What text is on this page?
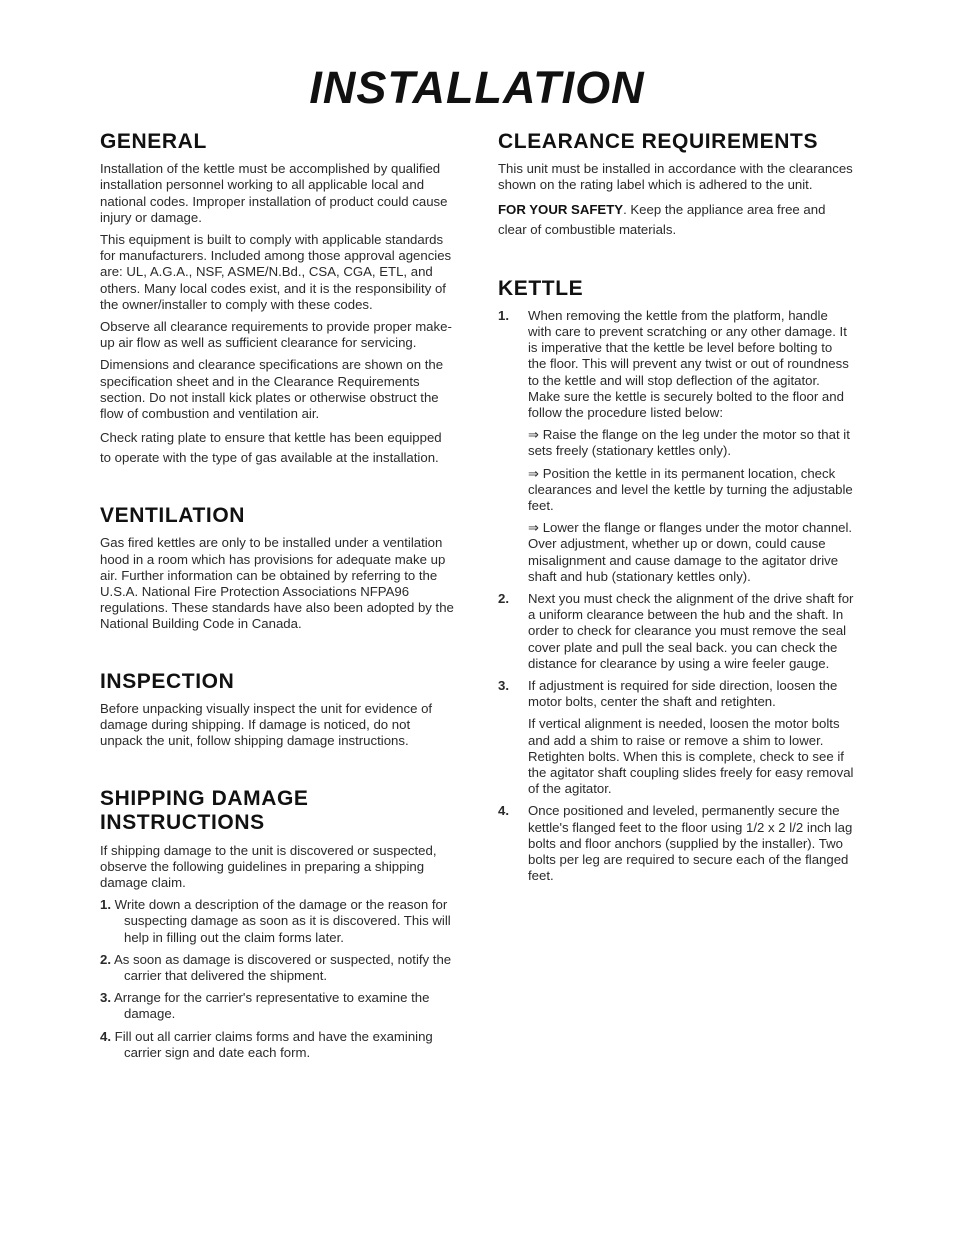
INSTALLATION
GENERAL

Installation of the kettle must be accomplished by qualified installation personnel working to all applicable local and national codes. Improper installation of product could cause injury or damage.

This equipment is built to comply with applicable standards for manufacturers. Included among those approval agencies are: UL, A.G.A., NSF, ASME/N.Bd., CSA, CGA, ETL, and others. Many local codes exist, and it is the responsibility of the owner/installer to comply with these codes.

Observe all clearance requirements to provide proper make-up air flow as well as sufficient clearance for servicing.

Dimensions and clearance specifications are shown on the specification sheet and in the Clearance Requirements section. Do not install kick plates or otherwise obstruct the flow of combustion and ventilation air.

Check rating plate to ensure that kettle has been equipped to operate with the type of gas available at the installation.

VENTILATION

Gas fired kettles are only to be installed under a ventilation hood in a room which has provisions for adequate make up air. Further information can be obtained by referring to the U.S.A. National Fire Protection Associations NFPA96 regulations. These standards have also been adopted by the National Building Code in Canada.

INSPECTION

Before unpacking visually inspect the unit for evidence of damage during shipping. If damage is noticed, do not unpack the unit, follow shipping damage instructions.

SHIPPING DAMAGE
INSTRUCTIONS

If shipping damage to the unit is discovered or suspected, observe the following guidelines in preparing a shipping damage claim.

1. Write down a description of the damage or the reason for suspecting damage as soon as it is discovered. This will help in filling out the claim forms later.
2. As soon as damage is discovered or suspected, notify the carrier that delivered the shipment.
3. Arrange for the carrier's representative to examine the damage.
4. Fill out all carrier claims forms and have the examining carrier sign and date each form.
CLEARANCE REQUIREMENTS

This unit must be installed in accordance with the clearances shown on the rating label which is adhered to the unit.

FOR YOUR SAFETY. Keep the appliance area free and clear of combustible materials.

KETTLE
1. When removing the kettle from the platform, handle with care to prevent scratching or any other damage. It is imperative that the kettle be level before bolting to the floor. This will prevent any twist or out of roundness to the kettle and will stop deflection of the agitator. Make sure the kettle is securely bolted to the floor and follow the procedure listed below:

⇒ Raise the flange on the leg under the motor so that it sets freely (stationary kettles only).

⇒ Position the kettle in its permanent location, check clearances and level the kettle by turning the adjustable feet.

⇒ Lower the flange or flanges under the motor channel. Over adjustment, whether up or down, could cause misalignment and cause damage to the agitator drive shaft and hub (stationary kettles only).

2. Next you must check the alignment of the drive shaft for a uniform clearance between the hub and the shaft. In order to check for clearance you must remove the seal cover plate and pull the seal back. you can check the distance for clearance by using a wire feeler gauge.
3. If adjustment is required for side direction, loosen the motor bolts, center the shaft and retighten.

If vertical alignment is needed, loosen the motor bolts and add a shim to raise or remove a shim to lower. Retighten bolts. When this is complete, check to see if the agitator shaft coupling slides freely for easy removal of the agitator.

4. Once positioned and leveled, permanently secure the kettle's flanged feet to the floor using 1/2 x 2 l/2 inch lag bolts and floor anchors (supplied by the installer). Two bolts per leg are required to secure each of the flanged feet.
